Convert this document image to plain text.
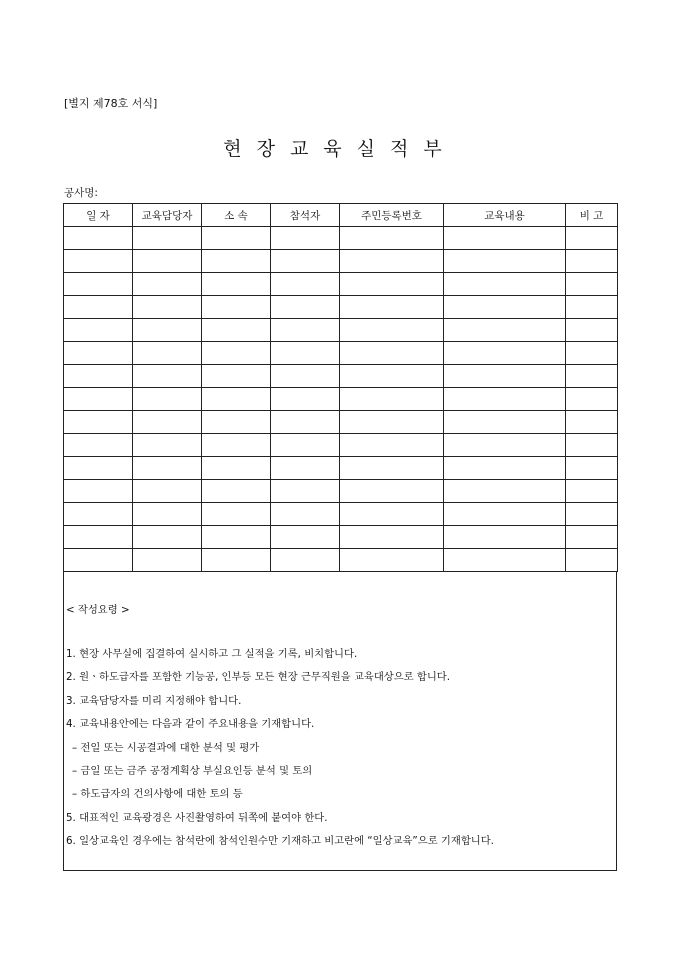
[별지 제78호 서식]
현장교육실적부
공사명:
일 자	교육담당자	소 속	참석자	주민등록번호	교육내용	비 고

< 작성요령 >
1. 현장 사무실에 집결하여 실시하고 그 실적을 기록, 비치합니다.
2. 원ㆍ하도급자를 포함한 기능공, 인부등 모든 현장 근무직원을 교육대상으로 합니다.
3. 교육담당자를 미리 지정해야 합니다.
4. 교육내용안에는 다음과 같이 주요내용을 기재합니다.
– 전일 또는 시공결과에 대한 분석 및 평가
– 금일 또는 금주 공정계획상 부실요인등 분석 및 토의
– 하도급자의 건의사항에 대한 토의 등
5. 대표적인 교육광경은 사진촬영하여 뒤쪽에 붙여야 한다.
6. 일상교육인 경우에는 참석란에 참석인원수만 기재하고 비고란에 “일상교육”으로 기재합니다.
